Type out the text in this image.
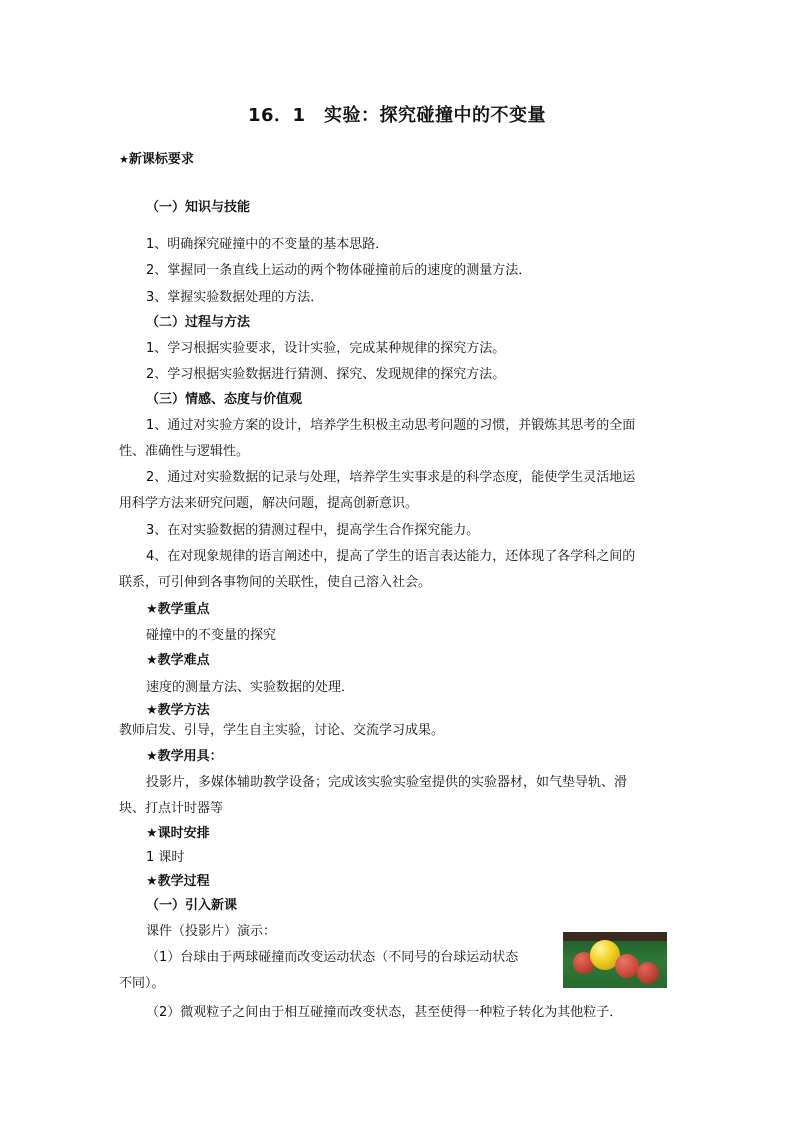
16．1　实验：探究碰撞中的不变量
★ 新课标要求
（一）知识与技能
1、明确探究碰撞中的不变量的基本思路．
2、掌握同一条直线上运动的两个物体碰撞前后的速度的测量方法．
3、掌握实验数据处理的方法．
（二）过程与方法
1、学习根据实验要求，设计实验，完成某种规律的探究方法。
2、学习根据实验数据进行猜测、探究、发现规律的探究方法。
（三）情感、态度与价值观
1、通过对实验方案的设计，培养学生积极主动思考问题的习惯，并锻炼其思考的全面
性、准确性与逻辑性。
2、通过对实验数据的记录与处理，培养学生实事求是的科学态度，能使学生灵活地运
用科学方法来研究问题，解决问题，提高创新意识。
3、在对实验数据的猜测过程中，提高学生合作探究能力。
4、在对现象规律的语言阐述中，提高了学生的语言表达能力，还体现了各学科之间的
联系，可引伸到各事物间的关联性，使自己溶入社会。
★教学重点
碰撞中的不变量的探究
★教学难点
速度的测量方法、实验数据的处理．
★教学方法
教师启发、引导，学生自主实验，讨论、交流学习成果。
★教学用具：
投影片，多媒体辅助教学设备；完成该实验实验室提供的实验器材，如气垫导轨、滑
块、打点计时器等
★课时安排
1 课时
★教学过程
（一）引入新课
课件（投影片）演示：
（1）台球由于两球碰撞而改变运动状态（不同号的台球运动状态
不同）。
（2）微观粒子之间由于相互碰撞而改变状态，甚至使得一种粒子转化为其他粒子．
